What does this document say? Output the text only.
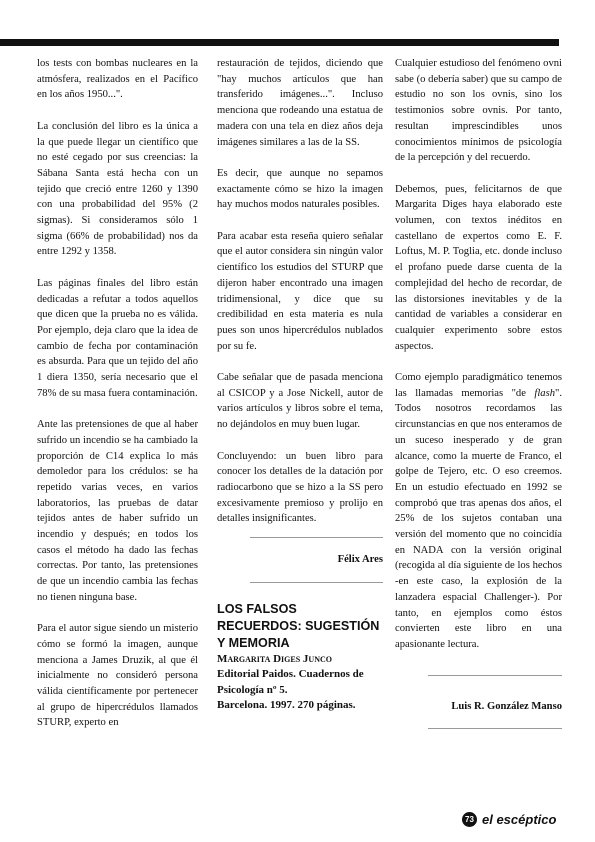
los tests con bombas nucleares en la atmósfera, realizados en el Pacífico en los años 1950...".

La conclusión del libro es la única a la que puede llegar un científico que no esté cegado por sus creencias: la Sábana Santa está hecha con un tejido que creció entre 1260 y 1390 con una probabilidad del 95% (2 sigmas). Si consideramos sólo 1 sigma (66% de probabilidad) nos da entre 1292 y 1358.

Las páginas finales del libro están dedicadas a refutar a todos aquellos que dicen que la prueba no es válida. Por ejemplo, deja claro que la idea de cambio de fecha por contaminación es absurda. Para que un tejido del año 1 diera 1350, sería necesario que el 78% de su masa fuera contaminación.

Ante las pretensiones de que al haber sufrido un incendio se ha cambiado la proporción de C14 explica lo más demoledor para los crédulos: se ha repetido varias veces, en varios laboratorios, las pruebas de datar tejidos antes de haber sufrido un incendio y después; en todos los casos el método ha dado las fechas correctas. Por tanto, las pretensiones de que un incendio cambia las fechas no tienen ninguna base.

Para el autor sigue siendo un misterio cómo se formó la imagen, aunque menciona a James Druzik, al que él inicialmente no consideró persona válida científicamente por pertenecer al grupo de hipercrédulos llamados STURP, experto en

restauración de tejidos, diciendo que "hay muchos artículos que han transferido imágenes...". Incluso menciona que rodeando una estatua de madera con una tela en diez años deja imágenes similares a las de la SS.

Es decir, que aunque no sepamos exactamente cómo se hizo la imagen hay muchos modos naturales posibles.

Para acabar esta reseña quiero señalar que el autor considera sin ningún valor científico los estudios del STURP que dijeron haber encontrado una imagen tridimensional, y dice que su credibilidad en esta materia es nula pues son unos hipercrédulos nublados por su fe.

Cabe señalar que de pasada menciona al CSICOP y a Jose Nickell, autor de varios artículos y libros sobre el tema, no dejándolos en muy buen lugar.

Concluyendo: un buen libro para conocer los detalles de la datación por radiocarbono que se hizo a la SS pero excesivamente premioso y prolijo en detalles insignificantes.

Félix Ares
LOS FALSOS RECUERDOS: SUGESTIÓN Y MEMORIA
Margarita Diges Junco
Editorial Paidos. Cuadernos de Psicología nº 5.
Barcelona. 1997. 270 páginas.

Cualquier estudioso del fenómeno ovni sabe (o debería saber) que su campo de estudio no son los ovnis, sino los testimonios sobre ovnis. Por tanto, resultan imprescindibles unos conocimientos mínimos de psicología de la percepción y del recuerdo.

Debemos, pues, felicitarnos de que Margarita Diges haya elaborado este volumen, con textos inéditos en castellano de expertos como E. F. Loftus, M. P. Toglia, etc. donde incluso el profano puede darse cuenta de la complejidad del hecho de recordar, de las distorsiones inevitables y de la cantidad de variables a considerar en cualquier experimento sobre estos aspectos.

Como ejemplo paradigmático tenemos las llamadas memorias "de flash". Todos nosotros recordamos las circunstancias en que nos enteramos de un suceso inesperado y de gran alcance, como la muerte de Franco, el golpe de Tejero, etc. O eso creemos. En un estudio efectuado en 1992 se comprobó que tras apenas dos años, el 25% de los sujetos contaban una versión del momento que no coincidía en NADA con la versión original (recogida al día siguiente de los hechos -en este caso, la explosión de la lanzadera espacial Challenger-). Por tanto, en ejemplos como éstos convierten este libro en una apasionante lectura.

Luis R. González Manso
73 el escéptico
